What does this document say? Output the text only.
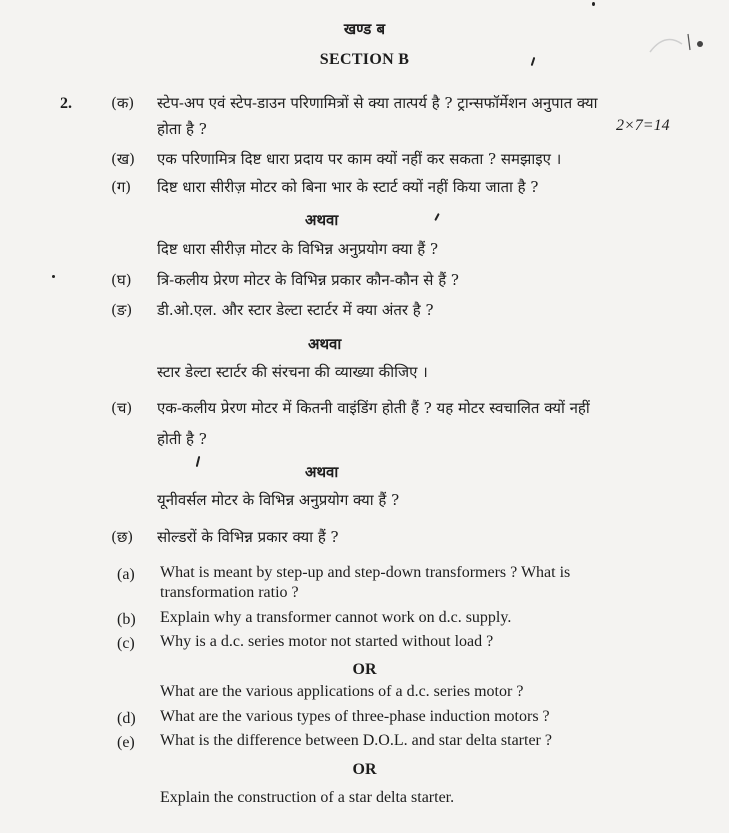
खण्ड ब
SECTION B
2.
2×7=14
(क) स्टेप-अप एवं स्टेप-डाउन परिणामित्रों से क्या तात्पर्य है ? ट्रान्सफॉर्मेशन अनुपात क्या
होता है ?
(ख) एक परिणामित्र दिष्ट धारा प्रदाय पर काम क्यों नहीं कर सकता ? समझाइए ।
(ग) दिष्ट धारा सीरीज़ मोटर को बिना भार के स्टार्ट क्यों नहीं किया जाता है ?
अथवा
दिष्ट धारा सीरीज़ मोटर के विभिन्न अनुप्रयोग क्या हैं ?
(घ) त्रि-कलीय प्रेरण मोटर के विभिन्न प्रकार कौन-कौन से हैं ?
(ङ) डी.ओ.एल. और स्टार डेल्टा स्टार्टर में क्या अंतर है ?
अथवा
स्टार डेल्टा स्टार्टर की संरचना की व्याख्या कीजिए ।
(च) एक-कलीय प्रेरण मोटर में कितनी वाइंडिंग होती हैं ? यह मोटर स्वचालित क्यों नहीं
होती है ?
अथवा
यूनीवर्सल मोटर के विभिन्न अनुप्रयोग क्या हैं ?
(छ) सोल्डरों के विभिन्न प्रकार क्या हैं ?
(a) What is meant by step-up and step-down transformers ? What is
transformation ratio ?
(b) Explain why a transformer cannot work on d.c. supply.
(c) Why is a d.c. series motor not started without load ?
OR
What are the various applications of a d.c. series motor ?
(d) What are the various types of three-phase induction motors ?
(e) What is the difference between D.O.L. and star delta starter ?
OR
Explain the construction of a star delta starter.
